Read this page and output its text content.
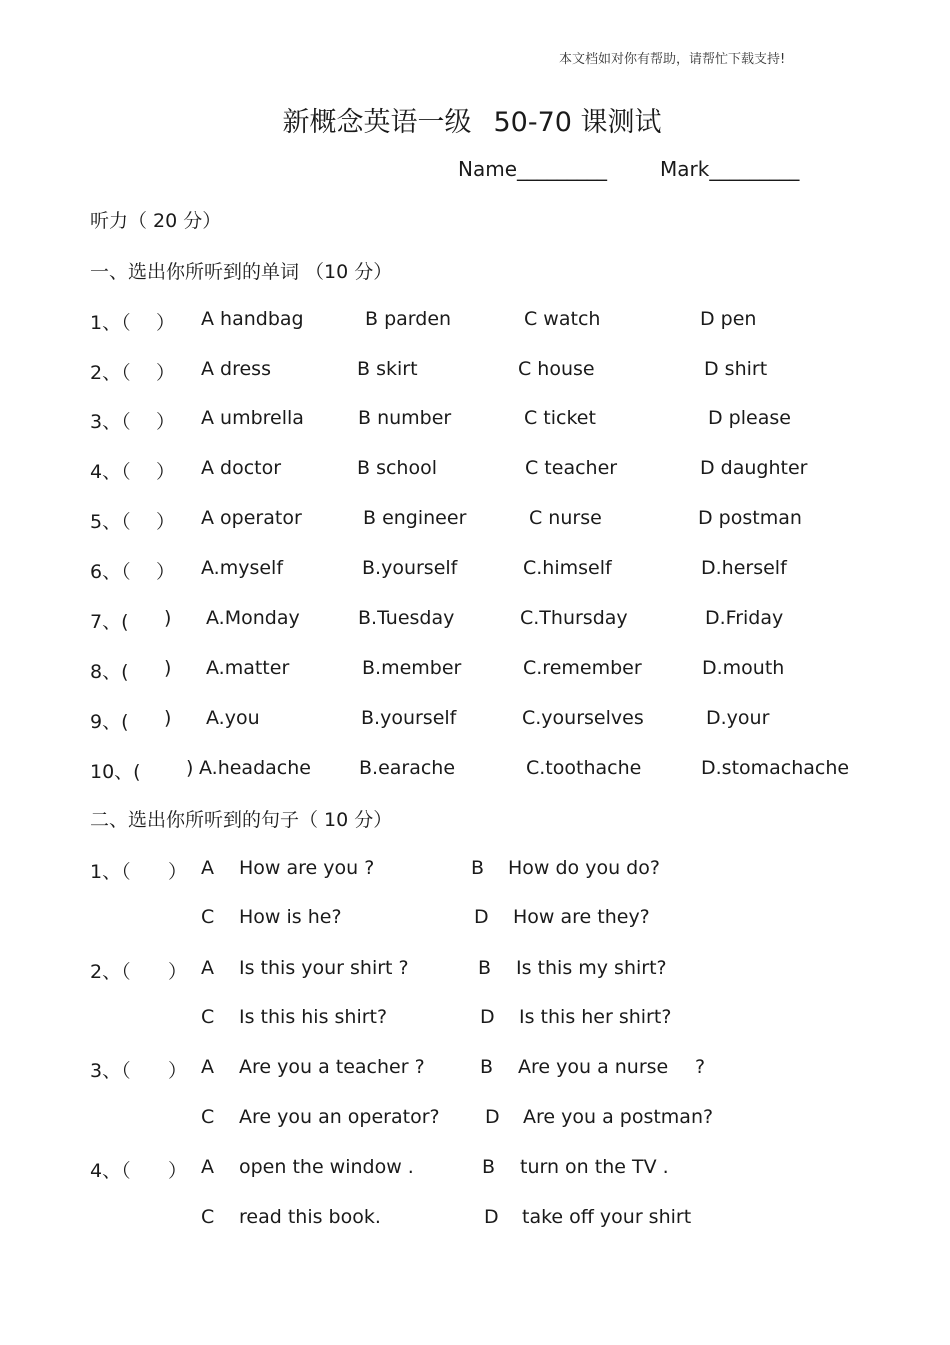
本文档如对你有帮助，请帮忙下载支持!
新概念英语一级 50-70 课测试
Name_________	Mark_________
听力（ 20 分）
一、选出你所听到的单词 （10 分）
1、（ ） A handbag	B parden	C watch	D pen
2、（ ） A dress	B skirt	C house	D shirt
3、（ ） A umbrella	B number	C ticket	D please
4、（ ） A doctor	B school	C teacher	D daughter
5、（ ） A operator	B engineer	C nurse	D postman
6、（ ） A.myself	B.yourself	C.himself	D.herself
7、( ) A.Monday	B.Tuesday	C.Thursday	D.Friday
8、( ) A.matter	B.member	C.remember	D.mouth
9、( ) A.you	B.yourself	C.yourselves	D.your
10、( ) A.headache	B.earache	C.toothache	D.stomachache
二、选出你所听到的句子（ 10 分）
1、（ ） A How are you ?	B How do you do?
C How is he?	D How are they?
2、（ ） A Is this your shirt ?	B Is this my shirt?
C Is this his shirt?	D Is this her shirt?
3、（ ） A Are you a teacher ?	B Are you a nurse ?
C Are you an operator? D Are you a postman?
4、（ ） A open the window .	B turn on the TV .
C read this book.	D take off your shirt
